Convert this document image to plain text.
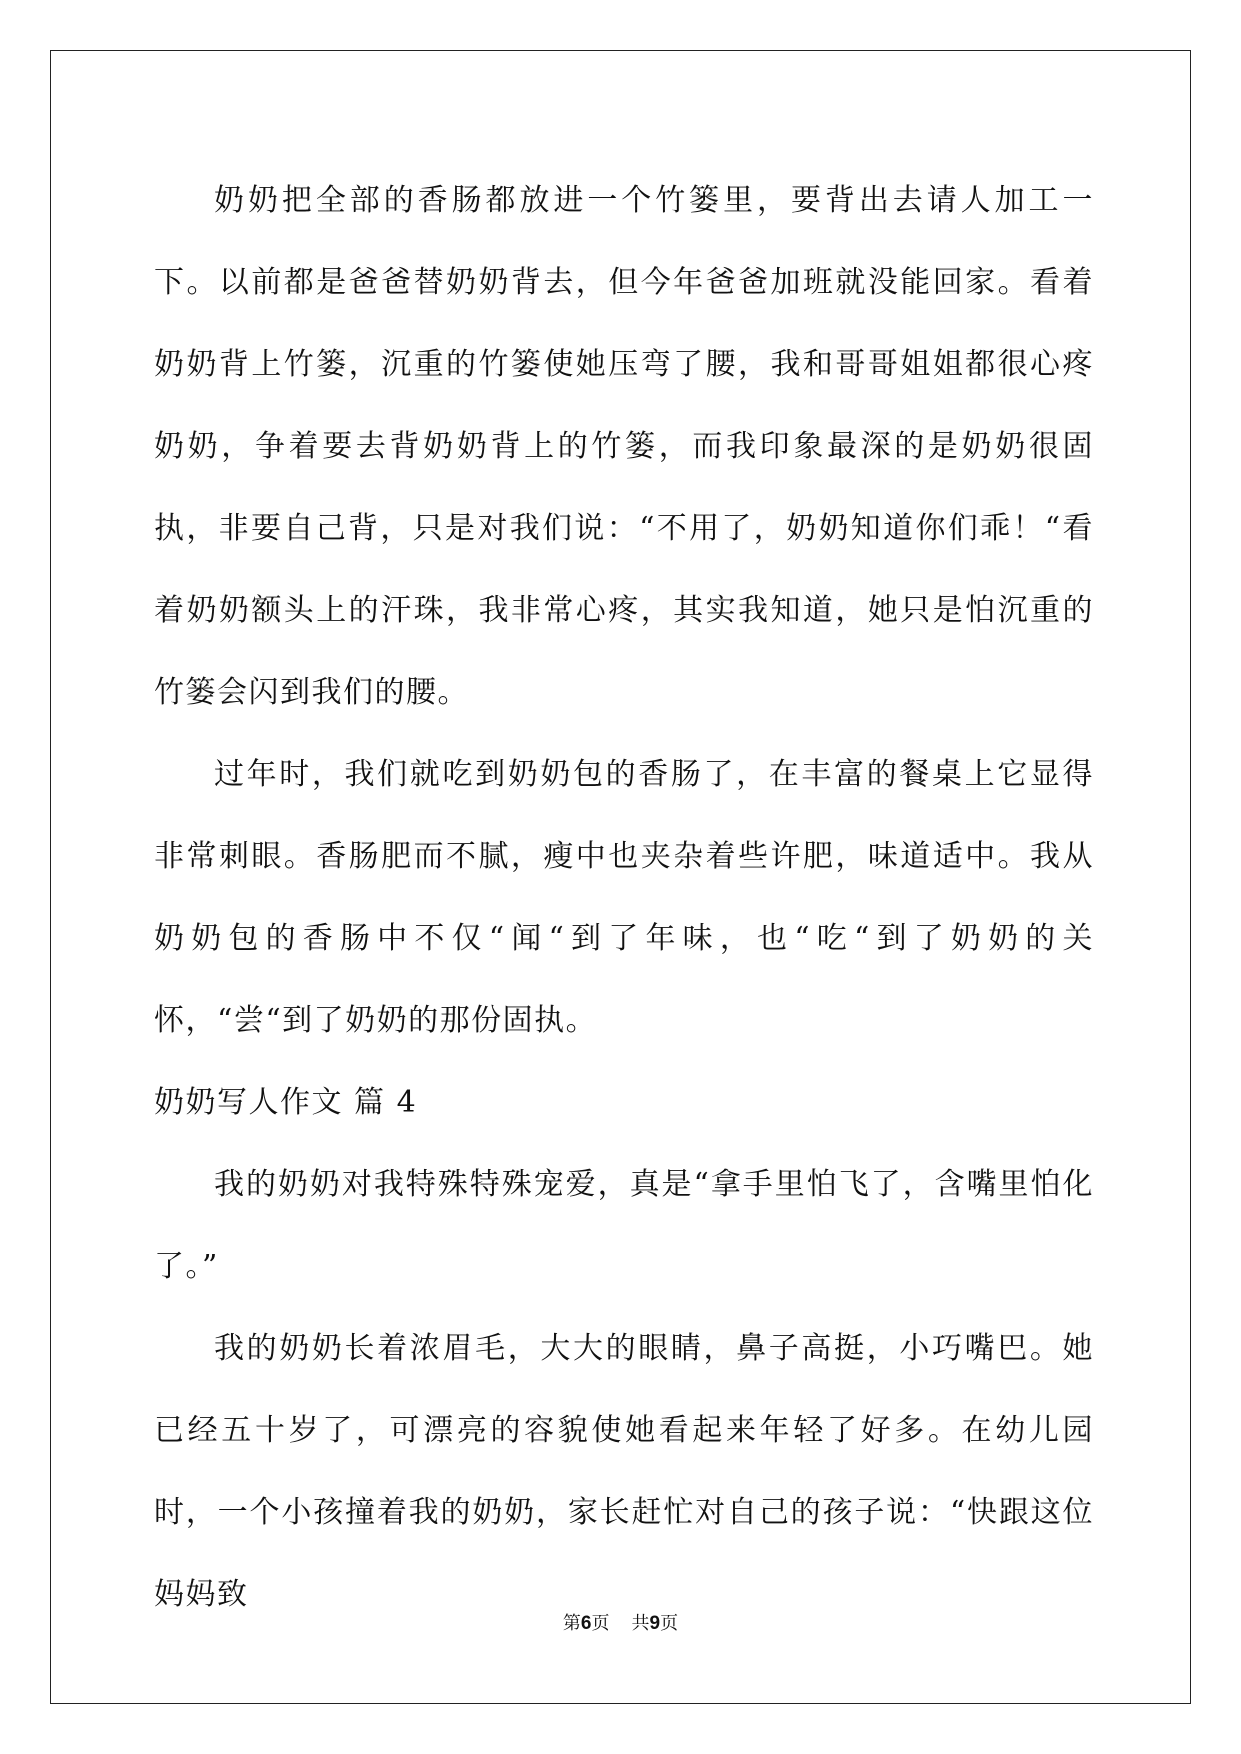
奶奶把全部的香肠都放进一个竹篓里，要背出去请人加工一下。以前都是爸爸替奶奶背去，但今年爸爸加班就没能回家。看着奶奶背上竹篓，沉重的竹篓使她压弯了腰，我和哥哥姐姐都很心疼奶奶，争着要去背奶奶背上的竹篓，而我印象最深的是奶奶很固执，非要自己背，只是对我们说：“不用了，奶奶知道你们乖！“看着奶奶额头上的汗珠，我非常心疼，其实我知道，她只是怕沉重的竹篓会闪到我们的腰。

过年时，我们就吃到奶奶包的香肠了，在丰富的餐桌上它显得非常刺眼。香肠肥而不腻，瘦中也夹杂着些许肥，味道适中。我从奶奶包的香肠中不仅“闻“到了年味，也“吃“到了奶奶的关怀，“尝“到了奶奶的那份固执。

奶奶写人作文 篇 4

我的奶奶对我特殊特殊宠爱，真是“拿手里怕飞了，含嘴里怕化了。”

我的奶奶长着浓眉毛，大大的眼睛，鼻子高挺，小巧嘴巴。她已经五十岁了，可漂亮的容貌使她看起来年轻了好多。在幼儿园时，一个小孩撞着我的奶奶，家长赶忙对自己的孩子说：“快跟这位妈妈致

第6页 共9页
